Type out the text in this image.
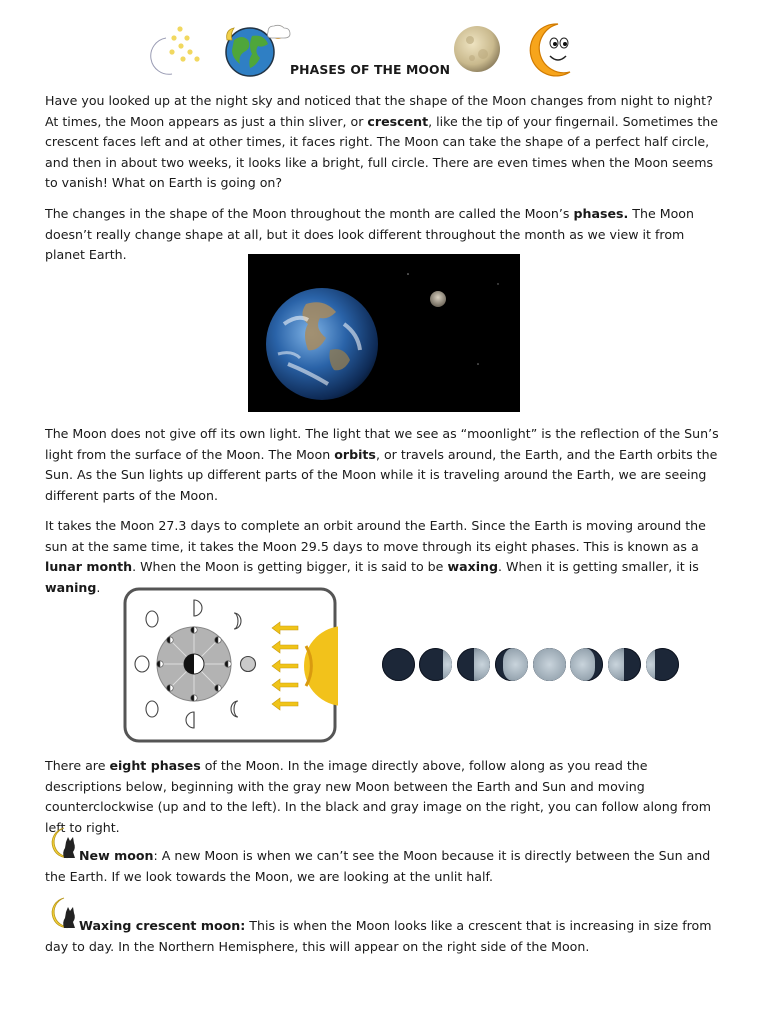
PHASES OF THE MOON

Have you looked up at the night sky and noticed that the shape of the Moon changes from night to night? At times, the Moon appears as just a thin sliver, or crescent, like the tip of your fingernail. Sometimes the crescent faces left and at other times, it faces right. The Moon can take the shape of a perfect half circle, and then in about two weeks, it looks like a bright, full circle. There are even times when the Moon seems to vanish! What on Earth is going on?

The changes in the shape of the Moon throughout the month are called the Moon’s phases. The Moon doesn’t really change shape at all, but it does look different throughout the month as we view it from planet Earth.

The Moon does not give off its own light. The light that we see as “moonlight” is the reflection of the Sun’s light from the surface of the Moon. The Moon orbits, or travels around, the Earth, and the Earth orbits the Sun. As the Sun lights up different parts of the Moon while it is traveling around the Earth, we are seeing different parts of the Moon.

It takes the Moon 27.3 days to complete an orbit around the Earth. Since the Earth is moving around the sun at the same time, it takes the Moon 29.5 days to move through its eight phases. This is known as a lunar month. When the Moon is getting bigger, it is said to be waxing. When it is getting smaller, it is waning.

There are eight phases of the Moon. In the image directly above, follow along as you read the descriptions below, beginning with the gray new Moon between the Earth and Sun and moving counterclockwise (up and to the left). In the black and gray image on the right, you can follow along from left to right.

New moon: A new Moon is when we can’t see the Moon because it is directly between the Sun and the Earth. If we look towards the Moon, we are looking at the unlit half.

Waxing crescent moon: This is when the Moon looks like a crescent that is increasing in size from day to day. In the Northern Hemisphere, this will appear on the right side of the Moon.
